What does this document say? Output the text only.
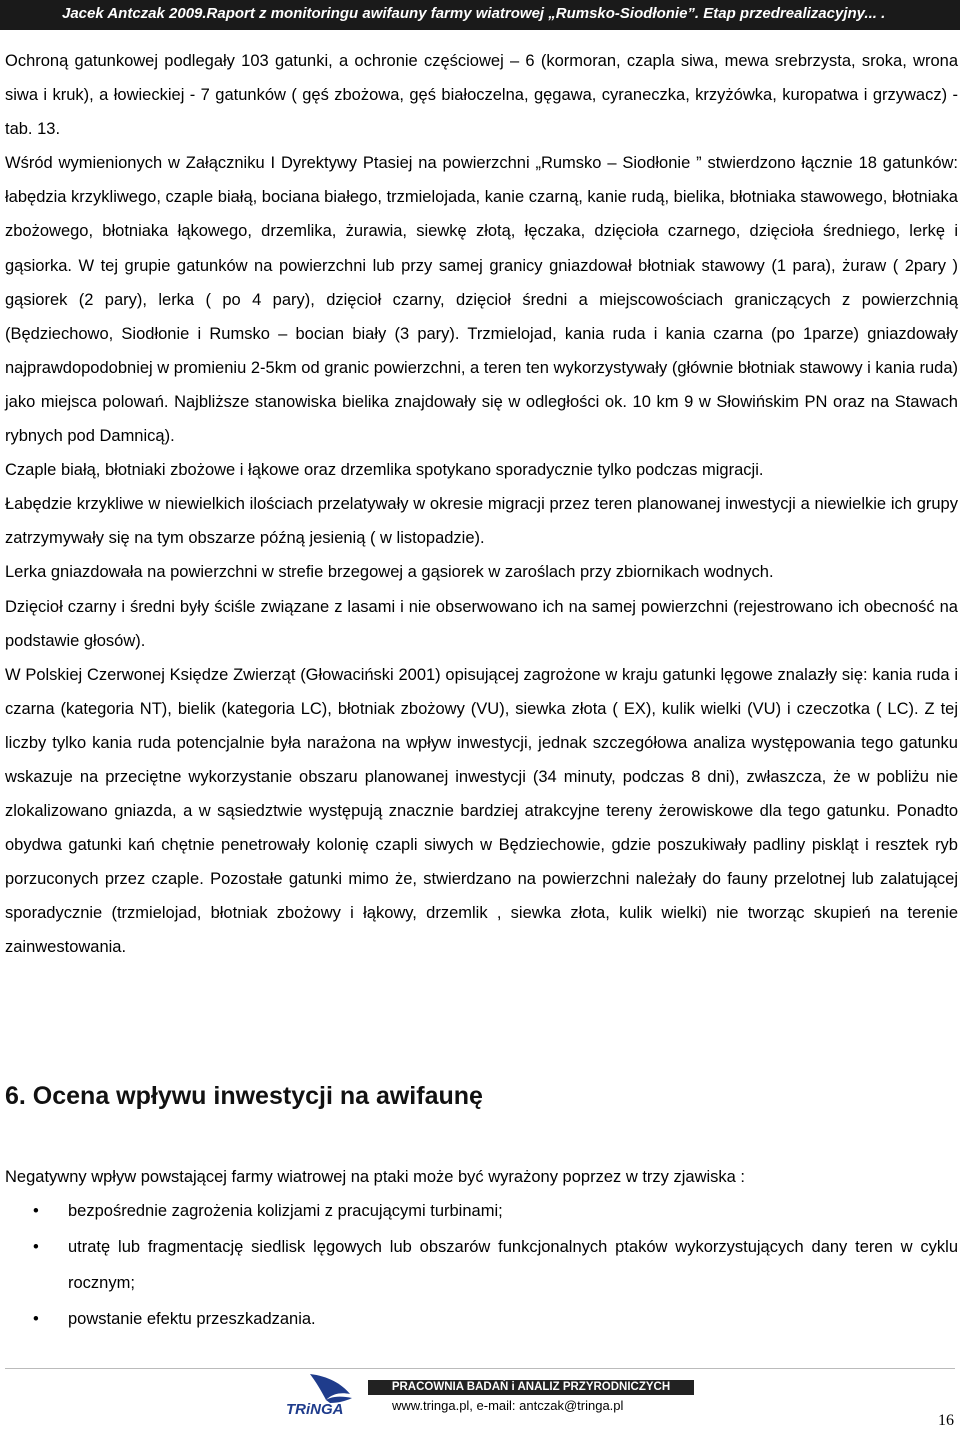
Jacek Antczak 2009.Raport z monitoringu awifauny farmy wiatrowej „Rumsko-Siodłonie”. Etap przedrealizacyjny... .

Ochroną gatunkowej podlegały 103 gatunki, a ochronie częściowej – 6 (kormoran, czapla siwa, mewa srebrzysta, sroka, wrona siwa i kruk), a łowieckiej - 7 gatunków ( gęś zbożowa, gęś białoczelna, gęgawa, cyraneczka, krzyżówka, kuropatwa i grzywacz) - tab. 13.

Wśród wymienionych w Załączniku I Dyrektywy Ptasiej na powierzchni „Rumsko – Siodłonie ” stwierdzono łącznie 18 gatunków: łabędzia krzykliwego, czaple białą, bociana białego, trzmielojada, kanie czarną, kanie rudą, bielika, błotniaka stawowego, błotniaka zbożowego, błotniaka łąkowego, drzemlika, żurawia, siewkę złotą, łęczaka, dzięcioła czarnego, dzięcioła średniego, lerkę i gąsiorka. W tej grupie gatunków na powierzchni lub przy samej granicy gniazdował błotniak stawowy (1 para), żuraw ( 2pary ) gąsiorek (2 pary), lerka ( po 4 pary), dzięcioł czarny, dzięcioł średni a miejscowościach graniczących z powierzchnią (Będziechowo, Siodłonie i Rumsko – bocian biały (3 pary). Trzmielojad, kania ruda i kania czarna (po 1parze) gniazdowały najprawdopodobniej w promieniu 2-5km od granic powierzchni, a teren ten wykorzystywały (głównie błotniak stawowy i kania ruda) jako miejsca polowań. Najbliższe stanowiska bielika znajdowały się w odległości ok. 10 km 9 w Słowińskim PN oraz na Stawach rybnych pod Damnicą).

Czaple białą, błotniaki zbożowe i łąkowe oraz drzemlika spotykano sporadycznie tylko podczas migracji.

Łabędzie krzykliwe w niewielkich ilościach przelatywały w okresie migracji przez teren planowanej inwestycji a niewielkie ich grupy zatrzymywały się na tym obszarze późną jesienią ( w listopadzie).

Lerka gniazdowała na powierzchni w strefie brzegowej a gąsiorek w zaroślach przy zbiornikach wodnych.

Dzięcioł czarny i średni były ściśle związane z lasami i nie obserwowano ich na samej powierzchni (rejestrowano ich obecność na podstawie głosów).

W Polskiej Czerwonej Księdze Zwierząt (Głowaciński 2001) opisującej zagrożone w kraju gatunki lęgowe znalazły się: kania ruda i czarna (kategoria NT), bielik (kategoria LC), błotniak zbożowy (VU), siewka złota ( EX), kulik wielki (VU) i czeczotka ( LC). Z tej liczby tylko kania ruda potencjalnie była narażona na wpływ inwestycji, jednak szczegółowa analiza występowania tego gatunku wskazuje na przeciętne wykorzystanie obszaru planowanej inwestycji (34 minuty, podczas 8 dni), zwłaszcza, że w pobliżu nie zlokalizowano gniazda, a w sąsiedztwie występują znacznie bardziej atrakcyjne tereny żerowiskowe dla tego gatunku. Ponadto obydwa gatunki kań chętnie penetrowały kolonię czapli siwych w Będziechowie, gdzie poszukiwały padliny piskląt i resztek ryb porzuconych przez czaple. Pozostałe gatunki mimo że, stwierdzano na powierzchni należały do fauny przelotnej lub zalatującej sporadycznie (trzmielojad, błotniak zbożowy i łąkowy, drzemlik , siewka złota, kulik wielki) nie tworząc skupień na terenie zainwestowania.

6. Ocena wpływu inwestycji na awifaunę
Negatywny wpływ powstającej farmy wiatrowej na ptaki może być wyrażony poprzez w trzy zjawiska :
• bezpośrednie zagrożenia kolizjami z pracującymi turbinami;
• utratę lub fragmentację siedlisk lęgowych lub obszarów funkcjonalnych ptaków wykorzystujących dany teren w cyklu rocznym;
• powstanie efektu przeszkadzania.
TRiNGA
PRACOWNIA BADAŃ i ANALIZ PRZYRODNICZYCH
www.tringa.pl, e-mail: antczak@tringa.pl
16
